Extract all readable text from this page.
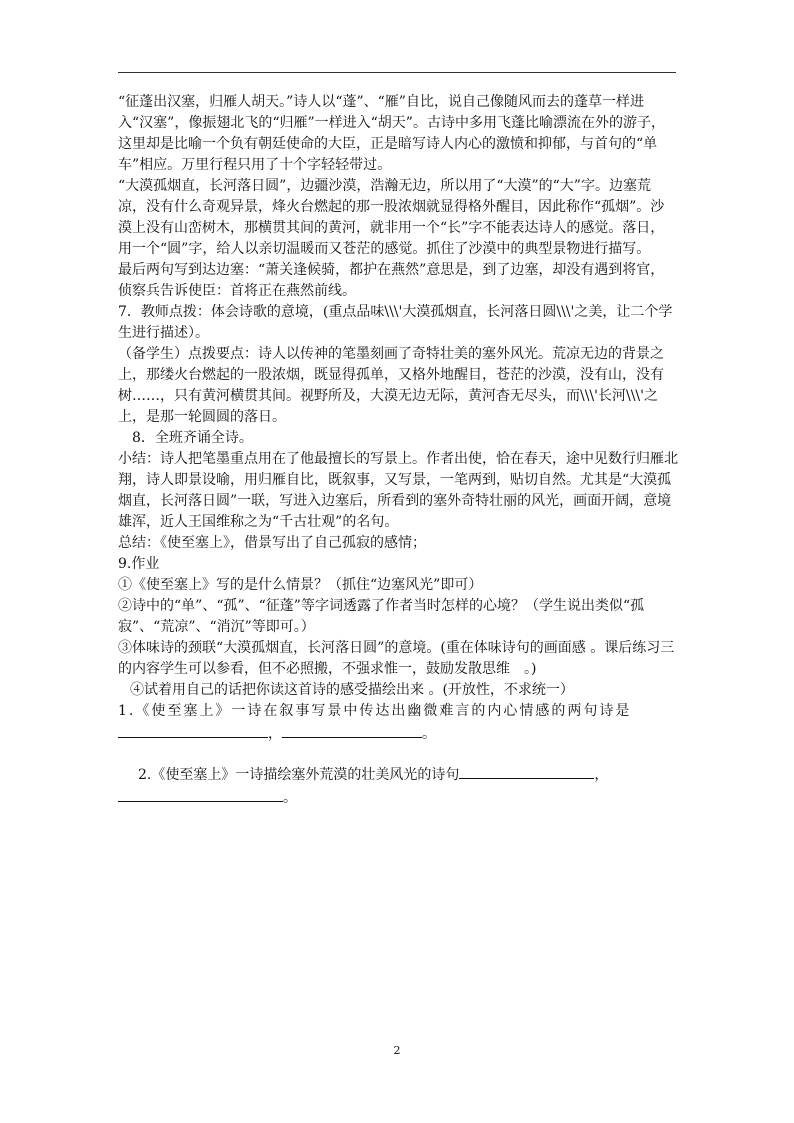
“征蓬出汉塞，归雁人胡天。”诗人以“蓬”、“雁”自比，说自己像随风而去的蓬草一样进入“汉塞”，像振翅北飞的“归雁”一样进入“胡天”。古诗中多用飞蓬比喻漂流在外的游子，这里却是比喻一个负有朝廷使命的大臣，正是暗写诗人内心的激愤和抑郁，与首句的“单车”相应。万里行程只用了十个字轻轻带过。

“大漠孤烟直，长河落日圆”，边疆沙漠，浩瀚无边，所以用了“大漠”的“大”字。边塞荒凉，没有什么奇观异景，烽火台燃起的那一股浓烟就显得格外醒目，因此称作“孤烟”。沙漠上没有山峦树木，那横贯其间的黄河，就非用一个“长”字不能表达诗人的感觉。落日，用一个“圆”字，给人以亲切温暖而又苍茫的感觉。抓住了沙漠中的典型景物进行描写。

最后两句写到达边塞：“萧关逢候骑，都护在燕然”意思是，到了边塞，却没有遇到将官，侦察兵告诉使臣：首将正在燕然前线。

7．教师点拨：体会诗歌的意境，(重点品味\\\'大漠孤烟直，长河落日圆\\\'之美，让二个学生进行描述）。

（备学生）点拨要点：诗人以传神的笔墨刻画了奇特壮美的塞外风光。荒凉无边的背景之上，那缕火台燃起的一股浓烟，既显得孤单，又格外地醒目，苍茫的沙漠，没有山，没有树……，只有黄河横贯其间。视野所及，大漠无边无际，黄河杳无尽头，而\\\'长河\\\'之上，是那一轮圆圆的落日。

8．全班齐诵全诗。

小结：诗人把笔墨重点用在了他最擅长的写景上。作者出使，恰在春天，途中见数行归雁北翔，诗人即景设喻，用归雁自比，既叙事，又写景，一笔两到，贴切自然。尤其是“大漠孤烟直，长河落日圆”一联，写进入边塞后，所看到的塞外奇特壮丽的风光，画面开阔，意境雄浑，近人王国维称之为“千古壮观”的名句。

总结：《使至塞上》，借景写出了自己孤寂的感情；

9.作业

①《使至塞上》写的是什么情景？（抓住“边塞风光”即可）

②诗中的“单”、“孤”、“征蓬”等字词透露了作者当时怎样的心境？（学生说出类似“孤寂”、“荒凉”、“消沉”等即可。）

③体味诗的颈联“大漠孤烟直，长河落日圆”的意境。(重在体味诗句的画面感 。课后练习三的内容学生可以参看，但不必照搬，不强求惟一，鼓励发散思维　。)

④试着用自己的话把你读这首诗的感受描绘出来 。(开放性，不求统一）

1.《使至塞上》一诗在叙事写景中传达出幽微难言的内心情感的两句诗是

，	。

2.《使至塞上》一诗描绘塞外荒漠的壮美风光的诗句	，

。

2
